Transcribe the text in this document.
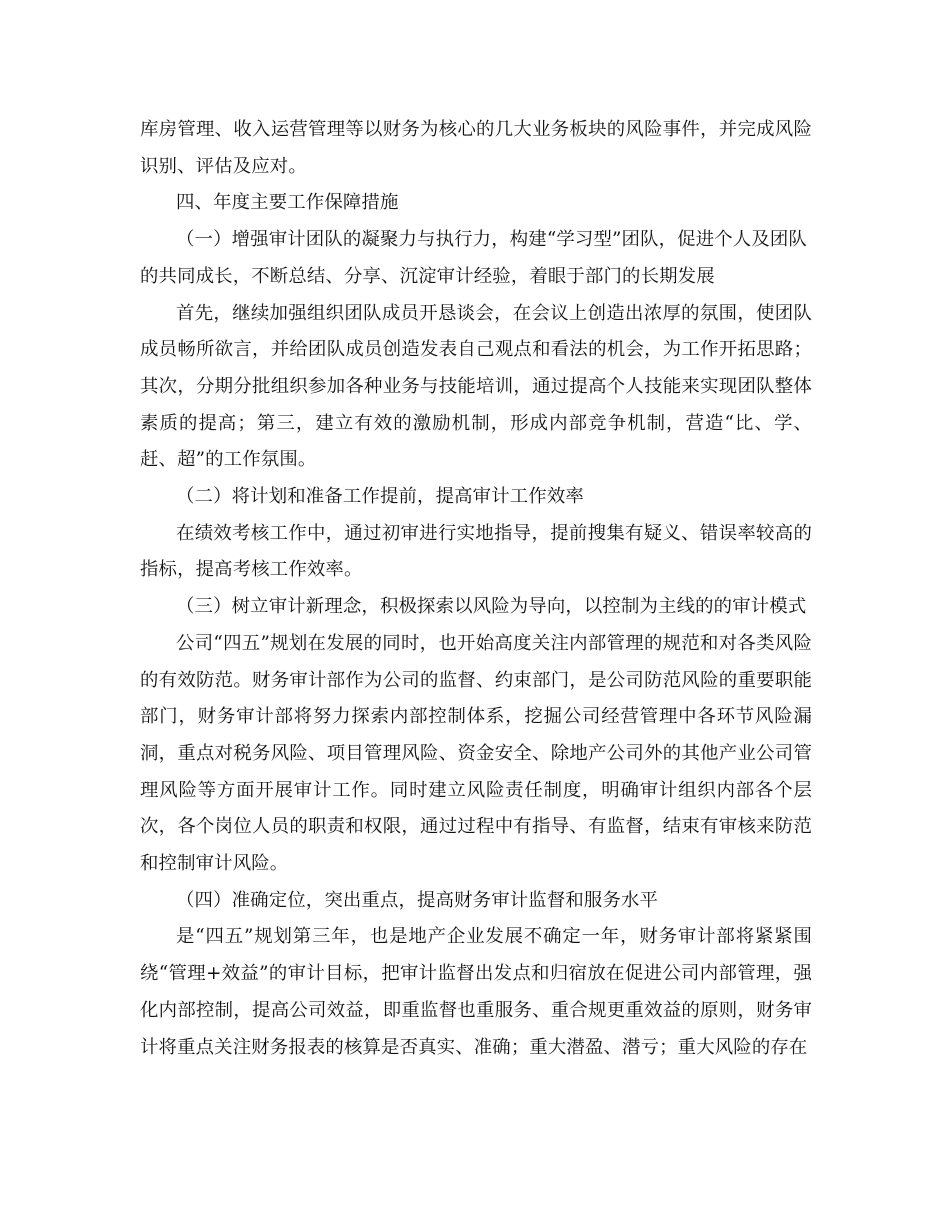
库房管理、收入运营管理等以财务为核心的几大业务板块的风险事件，并完成风险识别、评估及应对。

四、年度主要工作保障措施

（一）增强审计团队的凝聚力与执行力，构建“学习型”团队，促进个人及团队的共同成长，不断总结、分享、沉淀审计经验，着眼于部门的长期发展

首先，继续加强组织团队成员开恳谈会，在会议上创造出浓厚的氛围，使团队成员畅所欲言，并给团队成员创造发表自己观点和看法的机会，为工作开拓思路；其次，分期分批组织参加各种业务与技能培训，通过提高个人技能来实现团队整体素质的提高；第三，建立有效的激励机制，形成内部竞争机制，营造“比、学、赶、超”的工作氛围。

（二）将计划和准备工作提前，提高审计工作效率

在绩效考核工作中，通过初审进行实地指导，提前搜集有疑义、错误率较高的指标，提高考核工作效率。

（三）树立审计新理念，积极探索以风险为导向，以控制为主线的的审计模式

公司“四五”规划在发展的同时，也开始高度关注内部管理的规范和对各类风险的有效防范。财务审计部作为公司的监督、约束部门，是公司防范风险的重要职能部门，财务审计部将努力探索内部控制体系，挖掘公司经营管理中各环节风险漏洞，重点对税务风险、项目管理风险、资金安全、除地产公司外的其他产业公司管理风险等方面开展审计工作。同时建立风险责任制度，明确审计组织内部各个层次，各个岗位人员的职责和权限，通过过程中有指导、有监督，结束有审核来防范和控制审计风险。

（四）准确定位，突出重点，提高财务审计监督和服务水平

是“四五”规划第三年，也是地产企业发展不确定一年，财务审计部将紧紧围绕“管理+效益”的审计目标，把审计监督出发点和归宿放在促进公司内部管理，强化内部控制，提高公司效益，即重监督也重服务、重合规更重效益的原则，财务审计将重点关注财务报表的核算是否真实、准确；重大潜盈、潜亏；重大风险的存在
